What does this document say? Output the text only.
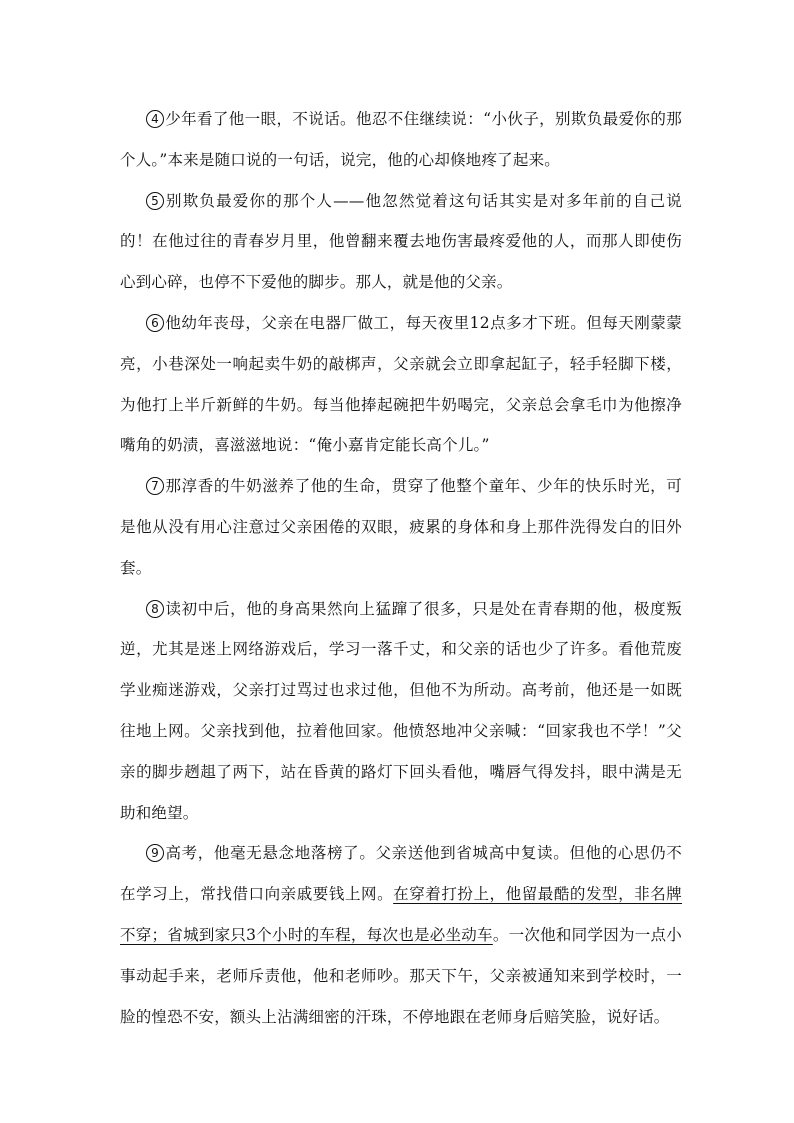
4 少年看了他一眼，不说话。他忍不住继续说：“小伙子，别欺负最爱你的那个人。”本来是随口说的一句话，说完，他的心却倏地疼了起来。

5 别欺负最爱你的那个人——他忽然觉着这句话其实是对多年前的自己说的！在他过往的青春岁月里，他曾翻来覆去地伤害最疼爱他的人，而那人即使伤心到心碎，也停不下爱他的脚步。那人，就是他的父亲。

6 他幼年丧母，父亲在电器厂做工，每天夜里12点多才下班。但每天刚蒙蒙亮，小巷深处一响起卖牛奶的敲梆声，父亲就会立即拿起缸子，轻手轻脚下楼，为他打上半斤新鲜的牛奶。每当他捧起碗把牛奶喝完，父亲总会拿毛巾为他擦净嘴角的奶渍，喜滋滋地说：“俺小嘉肯定能长高个儿。”

7 那淳香的牛奶滋养了他的生命，贯穿了他整个童年、少年的快乐时光，可是他从没有用心注意过父亲困倦的双眼，疲累的身体和身上那件洗得发白的旧外套。

8 读初中后，他的身高果然向上猛蹿了很多，只是处在青春期的他，极度叛逆，尤其是迷上网络游戏后，学习一落千丈，和父亲的话也少了许多。看他荒废学业痴迷游戏，父亲打过骂过也求过他，但他不为所动。高考前，他还是一如既往地上网。父亲找到他，拉着他回家。他愤怒地冲父亲喊：“回家我也不学！”父亲的脚步趔趄了两下，站在昏黄的路灯下回头看他，嘴唇气得发抖，眼中满是无助和绝望。

9 高考，他毫无悬念地落榜了。父亲送他到省城高中复读。但他的心思仍不在学习上，常找借口向亲戚要钱上网。在穿着打扮上，他留最酷的发型，非名牌不穿；省城到家只3个小时的车程，每次也是必坐动车。一次他和同学因为一点小事动起手来，老师斥责他，他和老师吵。那天下午，父亲被通知来到学校时，一脸的惶恐不安，额头上沾满细密的汗珠，不停地跟在老师身后赔笑脸，说好话。
